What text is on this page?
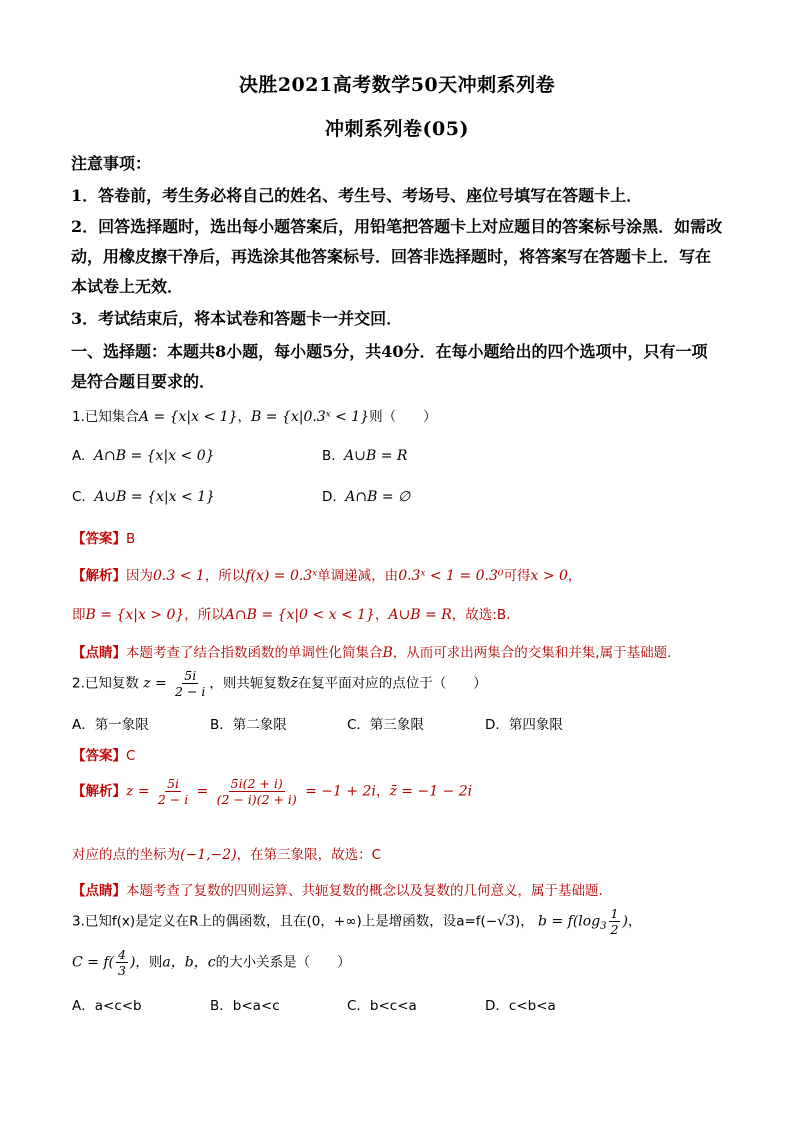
决胜2021高考数学50天冲刺系列卷
冲刺系列卷(05)
注意事项：
1．答卷前，考生务必将自己的姓名、考生号、考场号、座位号填写在答题卡上．
2．回答选择题时，选出每小题答案后，用铅笔把答题卡上对应题目的答案标号涂黑．如需改
动，用橡皮擦干净后，再选涂其他答案标号．回答非选择题时，将答案写在答题卡上．写在
本试卷上无效．
3．考试结束后，将本试卷和答题卡一并交回．
一、选择题：本题共8小题，每小题5分，共40分．在每小题给出的四个选项中，只有一项
是符合题目要求的．
1.已知集合A = {x|x < 1}，B = {x|0.3ˣ < 1}则（　　）
A. A∩B = {x|x < 0}	B. A∪B = R
C. A∪B = {x|x < 1}	D. A∩B = ∅
【答案】B
【解析】因为0.3 < 1，所以f(x) = 0.3ˣ单调递减，由0.3ˣ < 1 = 0.3⁰可得x > 0，
即B = {x|x > 0}，所以A∩B = {x|0 < x < 1}，A∪B = R，故选:B.
【点睛】本题考查了结合指数函数的单调性化简集合B，从而可求出两集合的交集和并集,属于基础题.
2.已知复数 $z = \frac{5i}{2 - i}$ ，则共轭复数z̄在复平面对应的点位于（　　）
A．第一象限	B．第二象限	C．第三象限	D．第四象限
【答案】C
【解析】$z = \frac{5i}{2 - i} = \frac{5i(2 + i)}{(2 - i)(2 + i)} = -1 + 2i$，z̄ = −1 − 2i
对应的点的坐标为(−1,−2)，在第三象限，故选：C
【点睛】本题考查了复数的四则运算、共轭复数的概念以及复数的几何意义，属于基础题.
3.已知f(x)是定义在R上的偶函数，且在(0，+∞)上是增函数，设a=f(−√3)， $b = f(\log_3 \frac{1}{2}$ )，
$C = f( \frac{4}{3}$ )，则a，b，c的大小关系是（　　）
A．a<c<b	B．b<a<c	C．b<c<a	D．c<b<a
